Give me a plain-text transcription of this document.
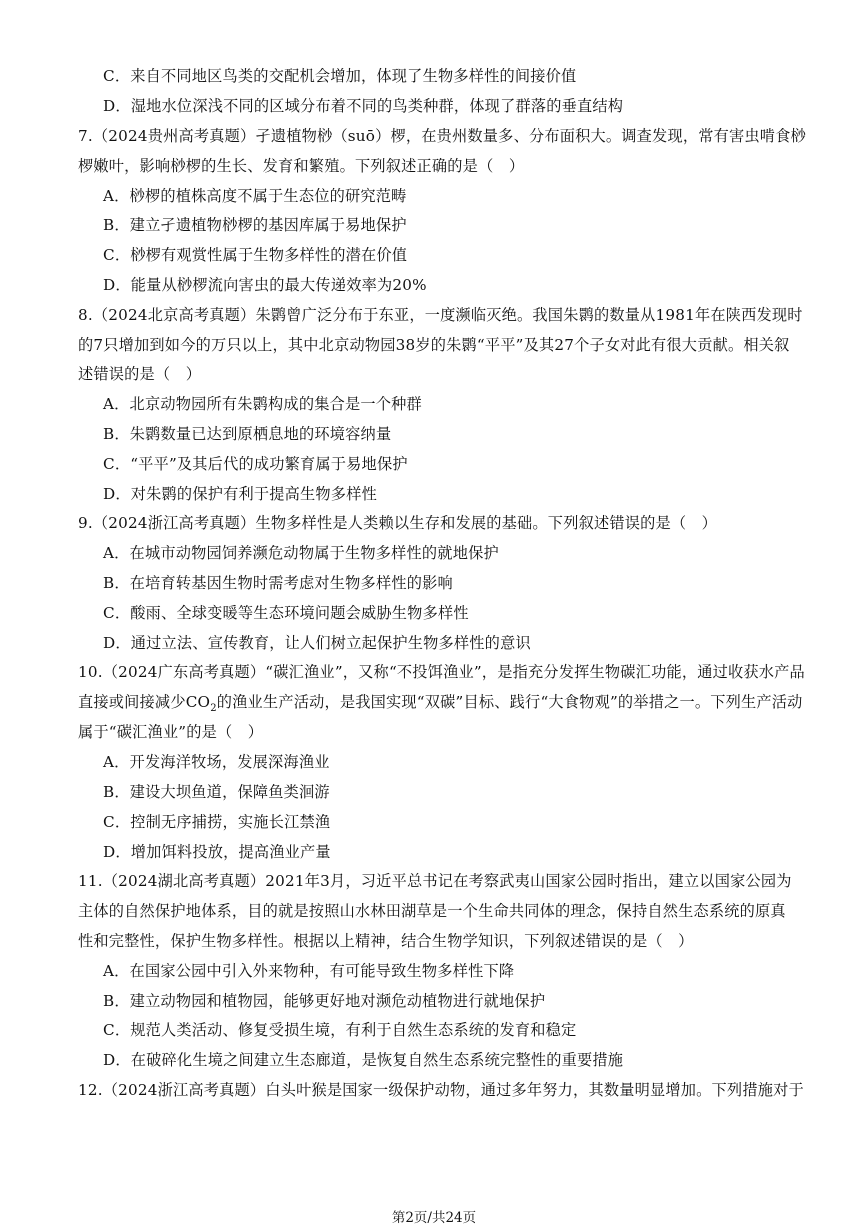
C．来自不同地区鸟类的交配机会增加，体现了生物多样性的间接价值
D．湿地水位深浅不同的区域分布着不同的鸟类种群，体现了群落的垂直结构
7.（2024贵州高考真题）孑遗植物桫（suō）椤，在贵州数量多、分布面积大。调查发现，常有害虫啃食桫
椤嫩叶，影响桫椤的生长、发育和繁殖。下列叙述正确的是（　）
A．桫椤的植株高度不属于生态位的研究范畴
B．建立孑遗植物桫椤的基因库属于易地保护
C．桫椤有观赏性属于生物多样性的潜在价值
D．能量从桫椤流向害虫的最大传递效率为20%
8.（2024北京高考真题）朱鹮曾广泛分布于东亚，一度濒临灭绝。我国朱鹮的数量从1981年在陕西发现时
的7只增加到如今的万只以上，其中北京动物园38岁的朱鹮“平平”及其27个子女对此有很大贡献。相关叙
述错误的是（　）
A．北京动物园所有朱鹮构成的集合是一个种群
B．朱鹮数量已达到原栖息地的环境容纳量
C．“平平”及其后代的成功繁育属于易地保护
D．对朱鹮的保护有利于提高生物多样性
9.（2024浙江高考真题）生物多样性是人类赖以生存和发展的基础。下列叙述错误的是（　）
A．在城市动物园饲养濒危动物属于生物多样性的就地保护
B．在培育转基因生物时需考虑对生物多样性的影响
C．酸雨、全球变暖等生态环境问题会威胁生物多样性
D．通过立法、宣传教育，让人们树立起保护生物多样性的意识
10.（2024广东高考真题）“碳汇渔业”，又称“不投饵渔业”，是指充分发挥生物碳汇功能，通过收获水产品
直接或间接减少$CO_2$的渔业生产活动，是我国实现“双碳”目标、践行“大食物观”的举措之一。下列生产活动
属于“碳汇渔业”的是（　）
A．开发海洋牧场，发展深海渔业
B．建设大坝鱼道，保障鱼类洄游
C．控制无序捕捞，实施长江禁渔
D．增加饵料投放，提高渔业产量
11.（2024湖北高考真题）2021年3月，习近平总书记在考察武夷山国家公园时指出，建立以国家公园为
主体的自然保护地体系，目的就是按照山水林田湖草是一个生命共同体的理念，保持自然生态系统的原真
性和完整性，保护生物多样性。根据以上精神，结合生物学知识，下列叙述错误的是（　）
A．在国家公园中引入外来物种，有可能导致生物多样性下降
B．建立动物园和植物园，能够更好地对濒危动植物进行就地保护
C．规范人类活动、修复受损生境，有利于自然生态系统的发育和稳定
D．在破碎化生境之间建立生态廊道，是恢复自然生态系统完整性的重要措施
12.（2024浙江高考真题）白头叶猴是国家一级保护动物，通过多年努力，其数量明显增加。下列措施对于
第2页/共24页
